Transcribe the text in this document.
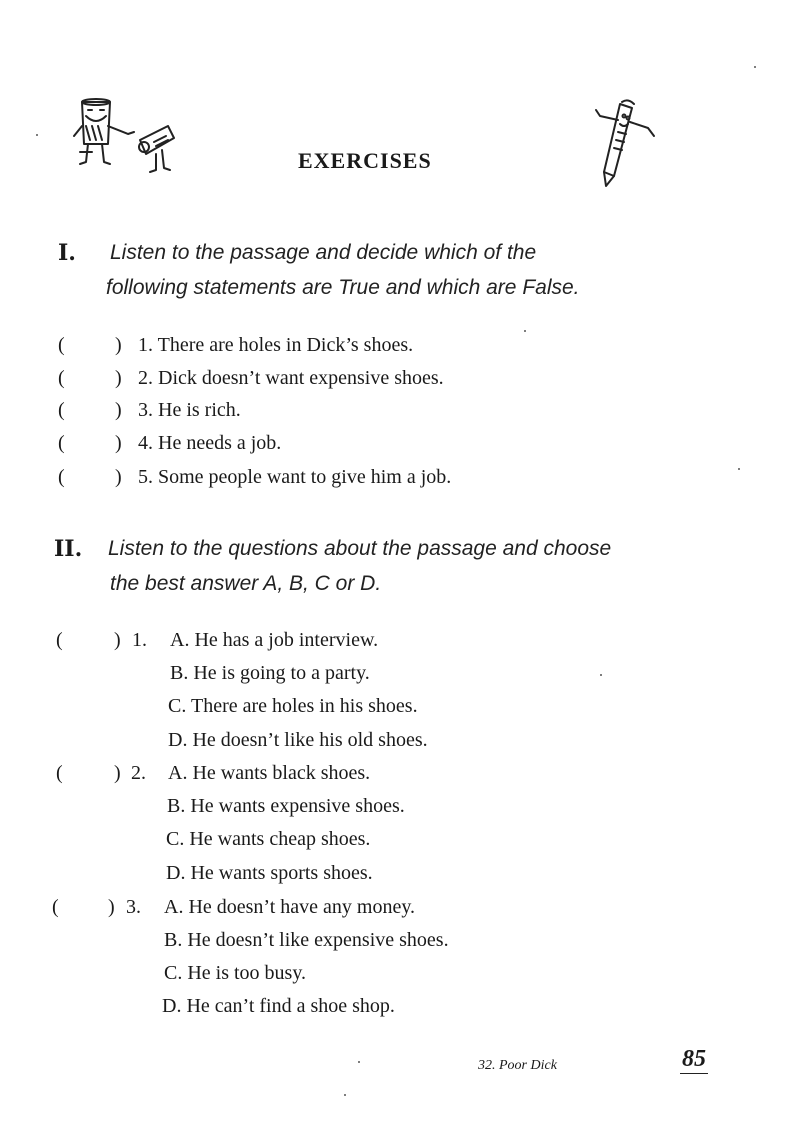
EXERCISES
I. Listen to the passage and decide which of the
following statements are True and which are False.
(	) 1. There are holes in Dick’s shoes.
(	) 2. Dick doesn’t want expensive shoes.
(	) 3. He is rich.
(	) 4. He needs a job.
(	) 5. Some people want to give him a job.
II. Listen to the questions about the passage and choose
the best answer A, B, C or D.
(	) 1. A. He has a job interview.
B. He is going to a party.
C. There are holes in his shoes.
D. He doesn’t like his old shoes.
(	) 2. A. He wants black shoes.
B. He wants expensive shoes.
C. He wants cheap shoes.
D. He wants sports shoes.
( ) 3. A. He doesn’t have any money.
B. He doesn’t like expensive shoes.
C. He is too busy.
D. He can’t find a shoe shop.
32. Poor Dick	85
